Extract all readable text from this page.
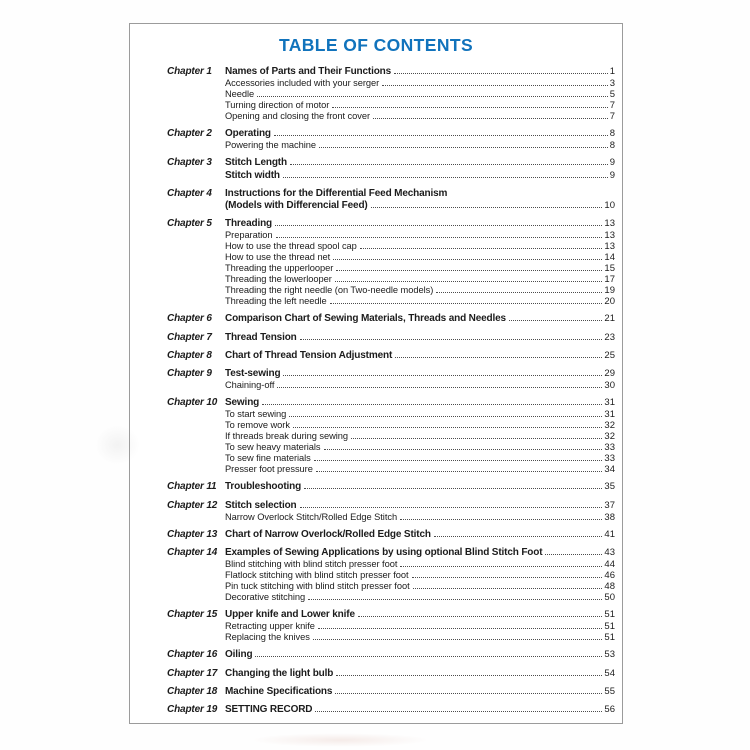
TABLE OF CONTENTS
Chapter 1	Names of Parts and Their Functions	1
Accessories included with your serger	3
Needle	5
Turning direction of motor	7
Opening and closing the front cover	7
Chapter 2	Operating	8
Powering the machine	8
Chapter 3	Stitch Length	9
Stitch width	9
Chapter 4	Instructions for the Differential Feed Mechanism
(Models with Differencial Feed)	10
Chapter 5	Threading	13
Preparation	13
How to use the thread spool cap	13
How to use the thread net	14
Threading the upperlooper	15
Threading the lowerlooper	17
Threading the right needle (on Two-needle models)	19
Threading the left needle	20
Chapter 6	Comparison Chart of Sewing Materials, Threads and Needles	21
Chapter 7	Thread Tension	23
Chapter 8	Chart of Thread Tension Adjustment	25
Chapter 9	Test-sewing	29
Chaining-off	30
Chapter 10 Sewing	31
To start sewing	31
To remove work	32
If threads break during sewing	32
To sew heavy materials	33
To sew fine materials	33
Presser foot pressure	34
Chapter 11 Troubleshooting	35
Chapter 12 Stitch selection	37
Narrow Overlock Stitch/Rolled Edge Stitch	38
Chapter 13 Chart of Narrow Overlock/Rolled Edge Stitch	41
Chapter 14 Examples of Sewing Applications by using optional Blind Stitch Foot	43
Blind stitching with blind stitch presser foot	44
Flatlock stitching with blind stitch presser foot	46
Pin tuck stitching with blind stitch presser foot	48
Decorative stitching	50
Chapter 15 Upper knife and Lower knife	51
Retracting upper knife	51
Replacing the knives	51
Chapter 16 Oiling	53
Chapter 17 Changing the light bulb	54
Chapter 18 Machine Specifications	55
Chapter 19 SETTING RECORD	56
